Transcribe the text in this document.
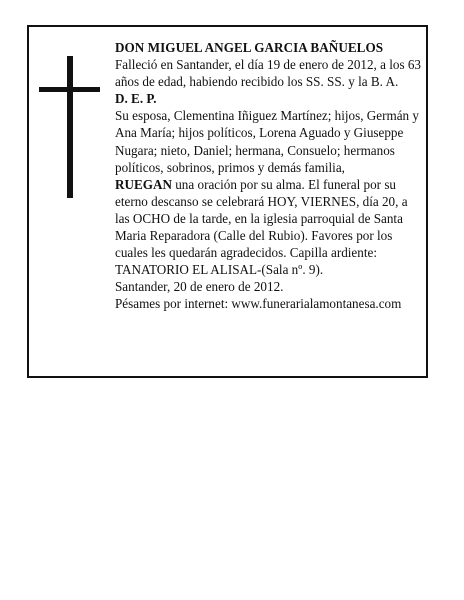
DON MIGUEL ANGEL GARCIA BAÑUELOS

Falleció en Santander, el día 19 de enero de 2012, a los 63 años de edad, habiendo recibido los SS. SS. y la B. A.

D. E. P.

Su esposa, Clementina Iñiguez Martínez; hijos, Germán y Ana María; hijos políticos, Lorena Aguado y Giuseppe Nugara; nieto, Daniel; hermana, Consuelo; hermanos políticos, sobrinos, primos y demás familia,

RUEGAN una oración por su alma. El funeral por su eterno descanso se celebrará HOY, VIERNES, día 20, a las OCHO de la tarde, en la iglesia parroquial de Santa Maria Reparadora (Calle del Rubio). Favores por los cuales les quedarán agradecidos. Capilla ardiente: TANATORIO EL ALISAL-(Sala nº. 9).

Santander, 20 de enero de 2012.

Pésames por internet: www.funerarialamontanesa.com
